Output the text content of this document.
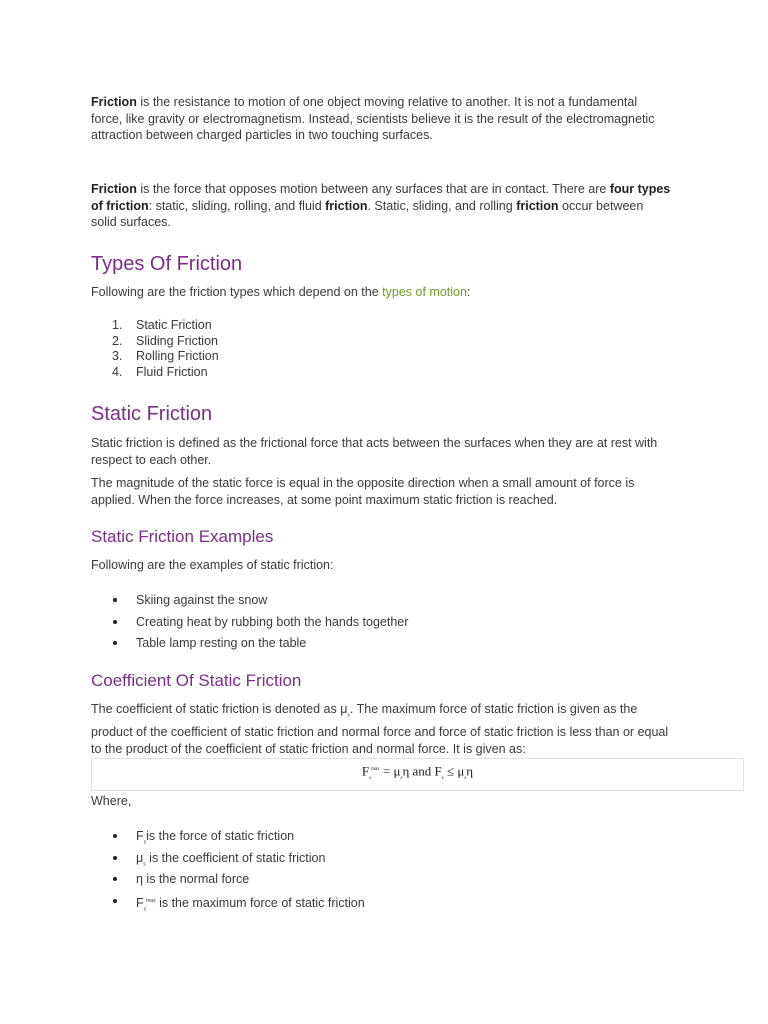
Friction is the resistance to motion of one object moving relative to another. It is not a fundamental force, like gravity or electromagnetism. Instead, scientists believe it is the result of the electromagnetic attraction between charged particles in two touching surfaces.

Friction is the force that opposes motion between any surfaces that are in contact. There are four types of friction: static, sliding, rolling, and fluid friction. Static, sliding, and rolling friction occur between solid surfaces.

Types Of Friction

Following are the friction types which depend on the types of motion:

1. Static Friction
2. Sliding Friction
3. Rolling Friction
4. Fluid Friction
Static Friction

Static friction is defined as the frictional force that acts between the surfaces when they are at rest with respect to each other.

The magnitude of the static force is equal in the opposite direction when a small amount of force is applied. When the force increases, at some point maximum static friction is reached.

Static Friction Examples

Following are the examples of static friction:

Skiing against the snow
Creating heat by rubbing both the hands together
Table lamp resting on the table
Coefficient Of Static Friction

The coefficient of static friction is denoted as $\mu_s$. The maximum force of static friction is given as the product of the coefficient of static friction and normal force and force of static friction is less than or equal to the product of the coefficient of static friction and normal force. It is given as:

$F_s^{max} = \mu_s\eta$ and $F_s \le \mu_s\eta$

Where,

$F_sis$ the force of static friction
$\mu_s$ is the coefficient of static friction
η is the normal force
$F_s^{max}$ is the maximum force of static friction
